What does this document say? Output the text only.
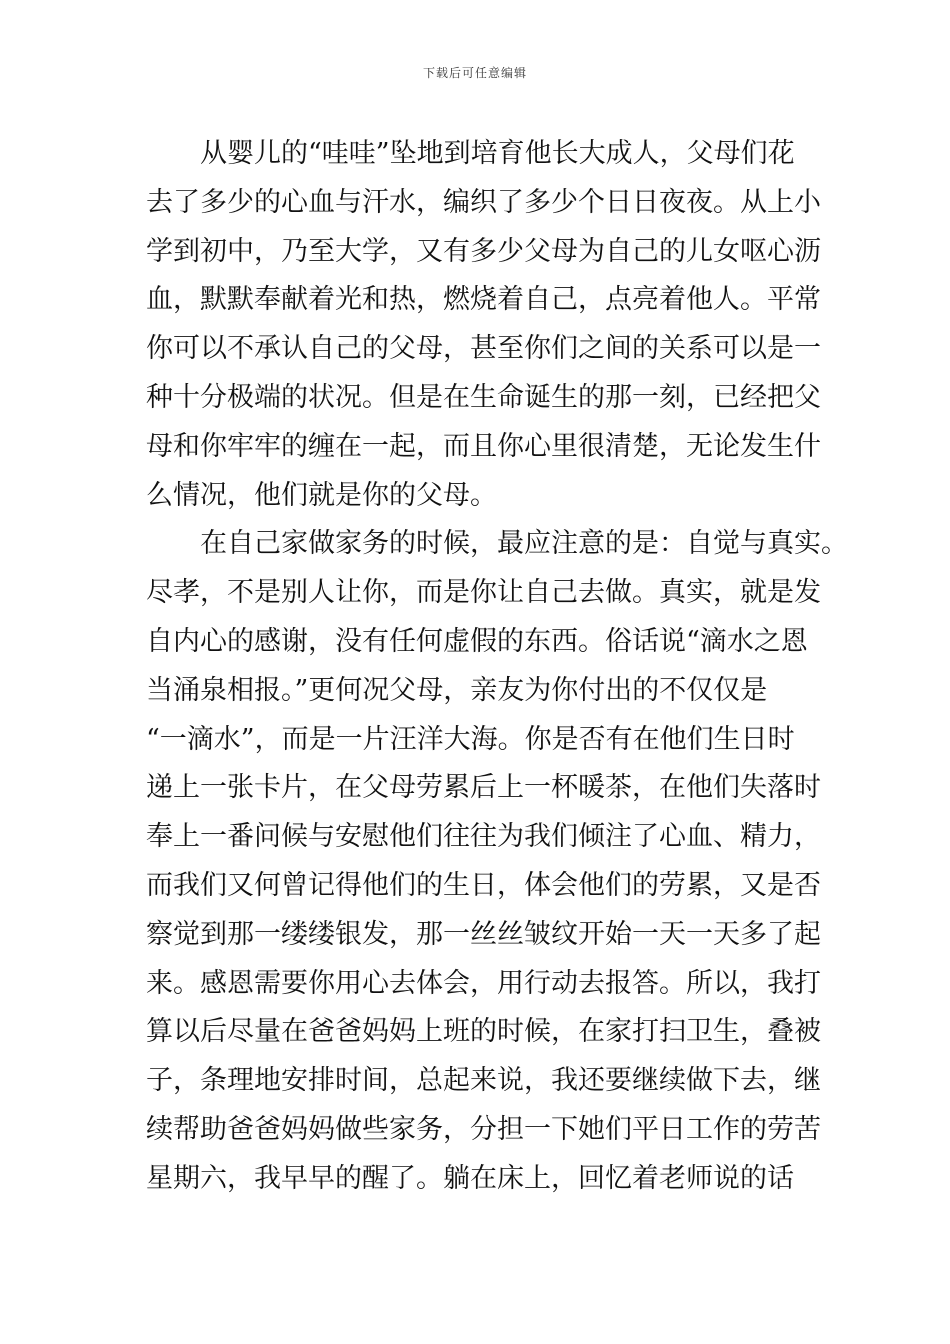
下载后可任意编辑
从婴儿的“哇哇”坠地到培育他长大成人，父母们花
去了多少的心血与汗水，编织了多少个日日夜夜。从上小
学到初中，乃至大学，又有多少父母为自己的儿女呕心沥
血，默默奉献着光和热，燃烧着自己，点亮着他人。平常
你可以不承认自己的父母，甚至你们之间的关系可以是一
种十分极端的状况。但是在生命诞生的那一刻，已经把父
母和你牢牢的缠在一起，而且你心里很清楚，无论发生什
么情况，他们就是你的父母。
在自己家做家务的时候，最应注意的是：自觉与真实。
尽孝，不是别人让你，而是你让自己去做。真实，就是发
自内心的感谢，没有任何虚假的东西。俗话说“滴水之恩
当涌泉相报。”更何况父母，亲友为你付出的不仅仅是
“一滴水”，而是一片汪洋大海。你是否有在他们生日时
递上一张卡片，在父母劳累后上一杯暖茶，在他们失落时
奉上一番问候与安慰他们往往为我们倾注了心血、精力，
而我们又何曾记得他们的生日，体会他们的劳累，又是否
察觉到那一缕缕银发，那一丝丝皱纹开始一天一天多了起
来。感恩需要你用心去体会，用行动去报答。所以，我打
算以后尽量在爸爸妈妈上班的时候，在家打扫卫生，叠被
子，条理地安排时间，总起来说，我还要继续做下去，继
续帮助爸爸妈妈做些家务，分担一下她们平日工作的劳苦
星期六，我早早的醒了。躺在床上，回忆着老师说的话
